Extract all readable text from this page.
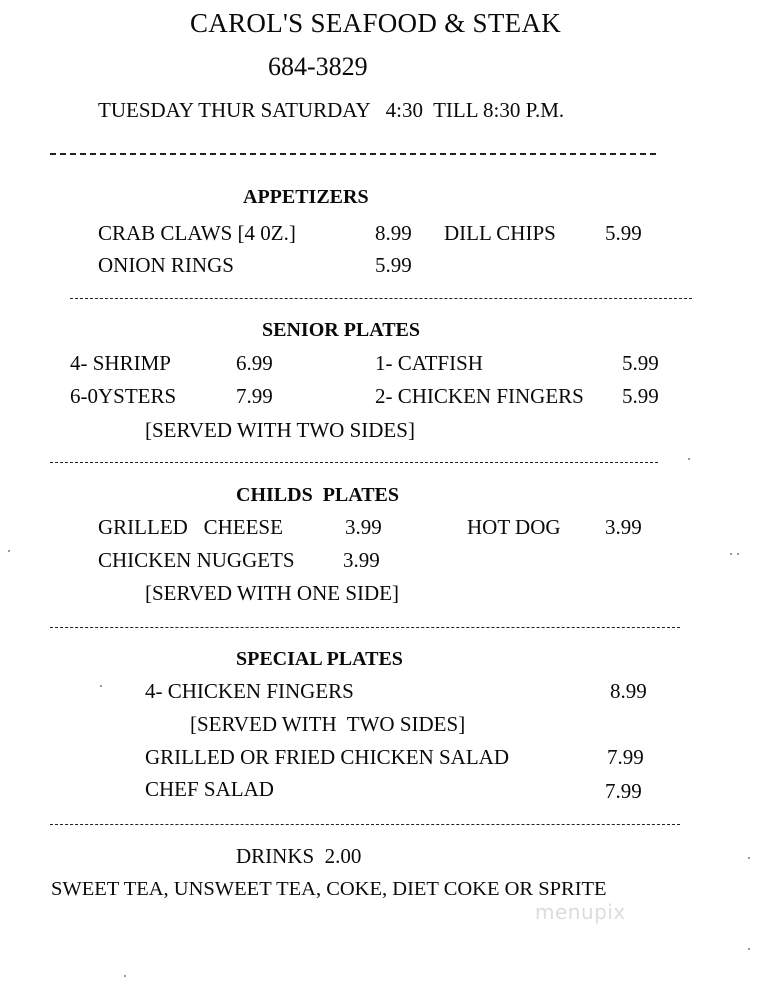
CAROL'S SEAFOOD & STEAK
684-3829
TUESDAY THUR SATURDAY   4:30  TILL 8:30 P.M.
APPETIZERS
CRAB CLAWS [4 0Z.]	8.99 DILL CHIPS 5.99
ONION RINGS	5.99
SENIOR PLATES
4- SHRIMP	6.99	1- CATFISH	5.99
6-0YSTERS	7.99	2- CHICKEN FINGERS 5.99
[SERVED WITH TWO SIDES]
CHILDS  PLATES
GRILLED   CHEESE	3.99	HOT DOG 3.99
CHICKEN NUGGETS 3.99
[SERVED WITH ONE SIDE]
SPECIAL PLATES
4- CHICKEN FINGERS	8.99
[SERVED WITH  TWO SIDES]
GRILLED OR FRIED CHICKEN SALAD	7.99
CHEF SALAD	7.99
DRINKS  2.00
SWEET TEA, UNSWEET TEA, COKE, DIET COKE OR SPRITE
menupix
